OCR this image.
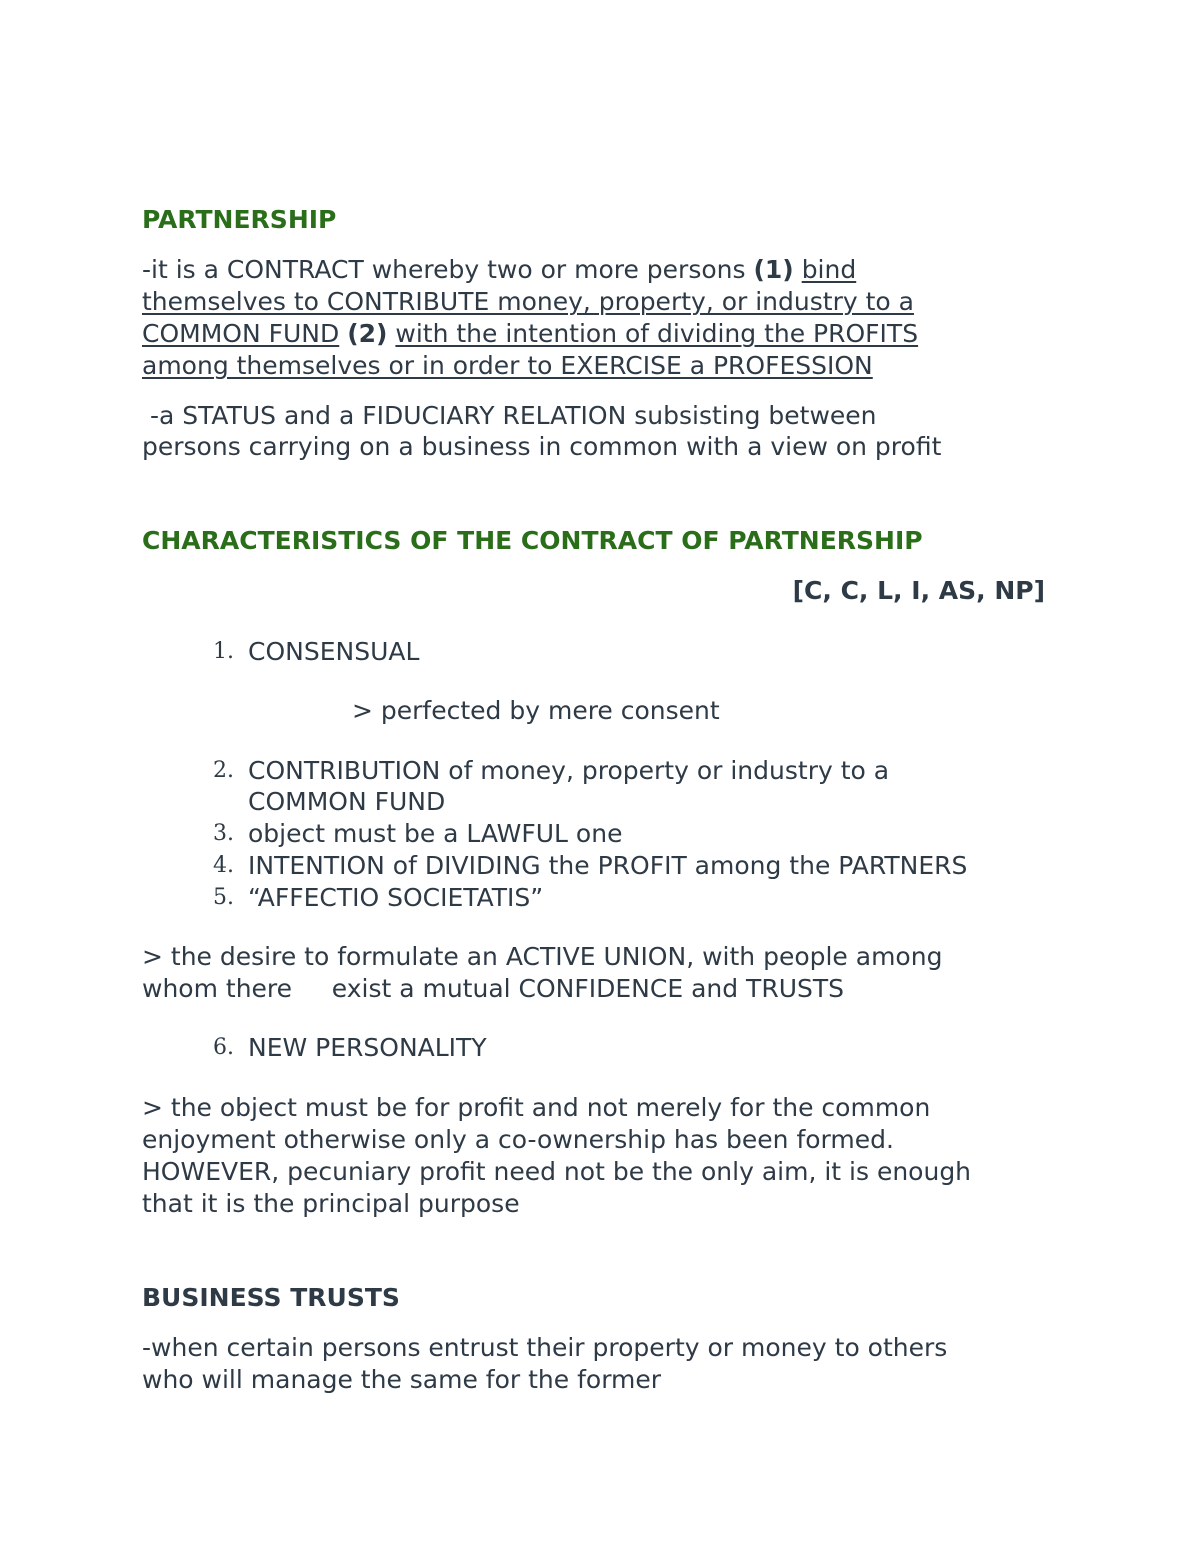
PARTNERSHIP

-it is a CONTRACT whereby two or more persons (1) bind

themselves to CONTRIBUTE money, property, or industry to a

COMMON FUND (2) with the intention of dividing the PROFITS

among themselves or in order to EXERCISE a PROFESSION

-a STATUS and a FIDUCIARY RELATION subsisting between

persons carrying on a business in common with a view on profit

CHARACTERISTICS OF THE CONTRACT OF PARTNERSHIP

[C, C, L, I, AS, NP]

1. CONSENSUAL

> perfected by mere consent

2. CONTRIBUTION of money, property or industry to a

COMMON FUND

3. object must be a LAWFUL one

4. INTENTION of DIVIDING the PROFIT among the PARTNERS

5. “AFFECTIO SOCIETATIS”

> the desire to formulate an ACTIVE UNION, with people among

whom there     exist a mutual CONFIDENCE and TRUSTS

6. NEW PERSONALITY

> the object must be for profit and not merely for the common

enjoyment otherwise only a co-ownership has been formed.

HOWEVER, pecuniary profit need not be the only aim, it is enough

that it is the principal purpose

BUSINESS TRUSTS

-when certain persons entrust their property or money to others

who will manage the same for the former
